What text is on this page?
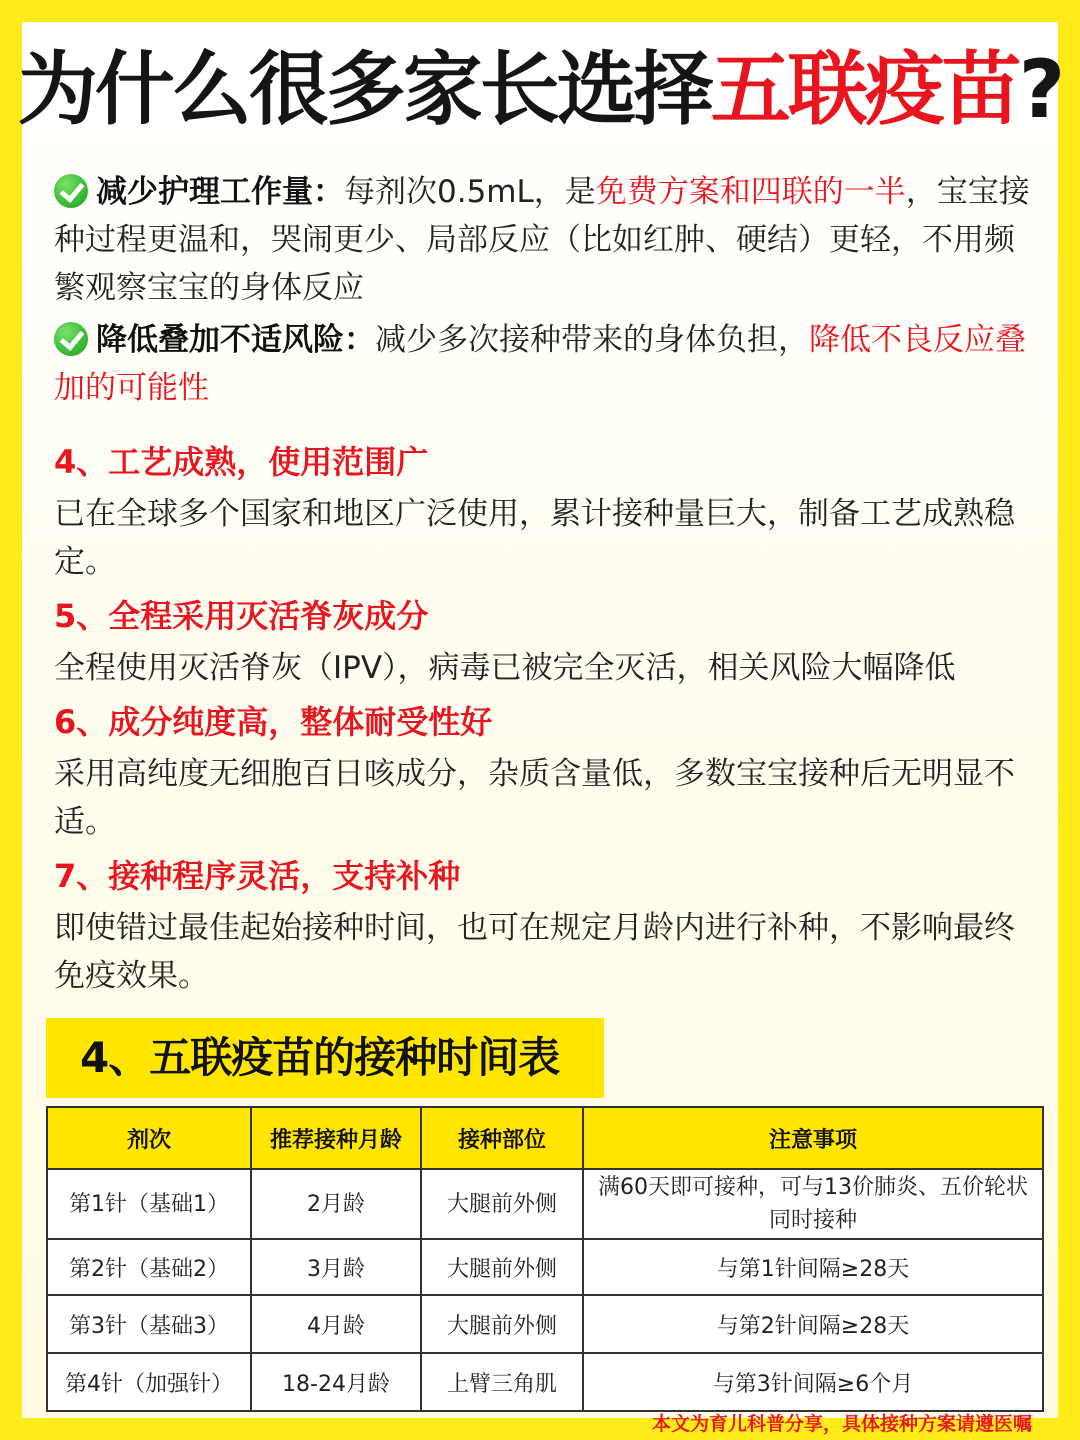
为什么很多家长选择五联疫苗?
减少护理工作量：每剂次0.5mL，是免费方案和四联的一半，宝宝接种过程更温和，哭闹更少、局部反应（比如红肿、硬结）更轻，不用频繁观察宝宝的身体反应
降低叠加不适风险：减少多次接种带来的身体负担，降低不良反应叠加的可能性
4、工艺成熟，使用范围广
已在全球多个国家和地区广泛使用，累计接种量巨大，制备工艺成熟稳定。
5、全程采用灭活脊灰成分
全程使用灭活脊灰（IPV），病毒已被完全灭活，相关风险大幅降低
6、成分纯度高，整体耐受性好
采用高纯度无细胞百日咳成分，杂质含量低，多数宝宝接种后无明显不适。
7、接种程序灵活，支持补种
即使错过最佳起始接种时间，也可在规定月龄内进行补种，不影响最终免疫效果。
4、五联疫苗的接种时间表
剂次	推荐接种月龄	接种部位	注意事项
第1针（基础1）	2月龄	大腿前外侧	满60天即可接种，可与13价肺炎、五价轮状同时接种
第2针（基础2）	3月龄	大腿前外侧	与第1针间隔≥28天
第3针（基础3）	4月龄	大腿前外侧	与第2针间隔≥28天
第4针（加强针）	18-24月龄	上臂三角肌	与第3针间隔≥6个月
本文为育儿科普分享，具体接种方案请遵医嘱
